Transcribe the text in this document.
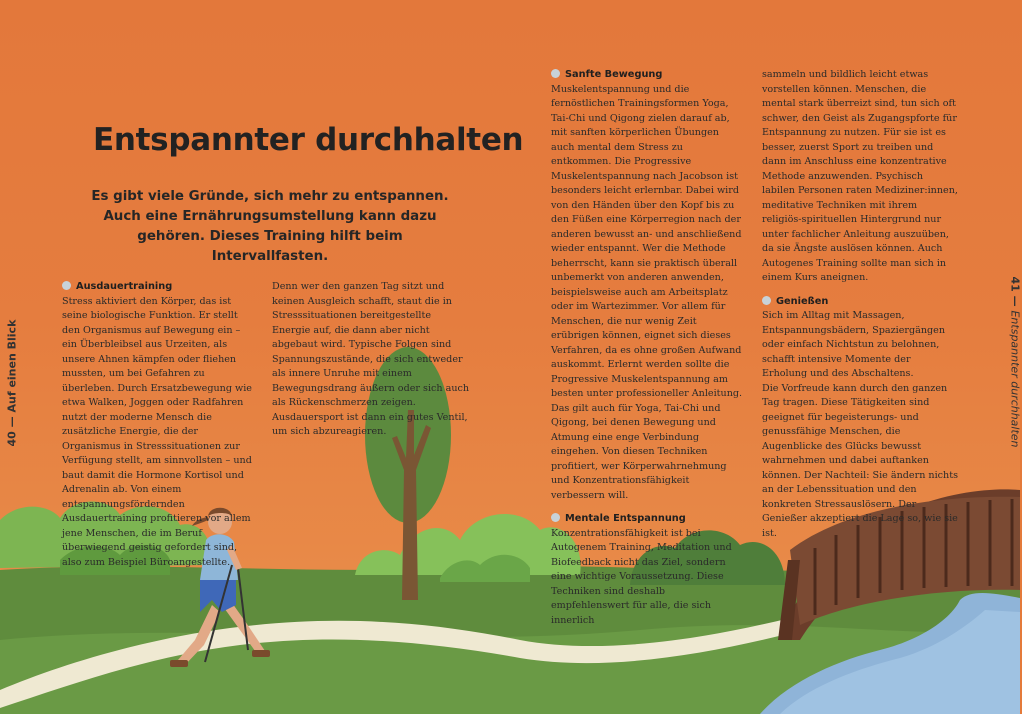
Entspannter durchhalten

Es gibt viele Gründe, sich mehr zu entspannen. Auch eine Ernährungsumstellung kann dazu gehören. Dieses Training hilft beim Intervallfasten.

40 — Auf einen Blick
41 — Entspannter durchhalten
Ausdauertraining

Stress aktiviert den Körper, das ist seine biologische Funktion. Er stellt den Organismus auf Bewegung ein – ein Überbleibsel aus Urzeiten, als unsere Ahnen kämpfen oder fliehen mussten, um bei Gefahren zu überleben. Durch Ersatzbewegung wie etwa Walken, Joggen oder Radfahren nutzt der moderne Mensch die zusätzliche Energie, die der Organismus in Stresssituationen zur Verfügung stellt, am sinnvollsten – und baut damit die Hormone Kortisol und Adrenalin ab. Von einem entspannungsfördernden Ausdauertraining profitieren vor allem jene Menschen, die im Beruf überwiegend geistig gefordert sind, also zum Beispiel Büroangestellte.

Denn wer den ganzen Tag sitzt und keinen Ausgleich schafft, staut die in Stresssituationen bereitgestellte Energie auf, die dann aber nicht abgebaut wird. Typische Folgen sind Spannungszustände, die sich entweder als innere Unruhe mit einem Bewegungsdrang äußern oder sich auch als Rückenschmerzen zeigen. Ausdauersport ist dann ein gutes Ventil, um sich abzureagieren.

Sanfte Bewegung

Muskelentspannung und die fernöstlichen Trainingsformen Yoga, Tai-Chi und Qigong zielen darauf ab, mit sanften körperlichen Übungen auch mental dem Stress zu entkommen. Die Progressive Muskelentspannung nach Jacobson ist besonders leicht erlernbar. Dabei wird von den Händen über den Kopf bis zu den Füßen eine Körperregion nach der anderen bewusst an- und anschließend wieder entspannt. Wer die Methode beherrscht, kann sie praktisch überall unbemerkt von anderen anwenden, beispielsweise auch am Arbeitsplatz oder im Wartezimmer. Vor allem für Menschen, die nur wenig Zeit erübrigen können, eignet sich dieses Verfahren, da es ohne großen Aufwand auskommt. Erlernt werden sollte die Progressive Muskelentspannung am besten unter professioneller Anleitung. Das gilt auch für Yoga, Tai-Chi und Qigong, bei denen Bewegung und Atmung eine enge Verbindung eingehen. Von diesen Techniken profitiert, wer Körperwahrnehmung und Konzentrationsfähigkeit verbessern will.

Mentale Entspannung

Konzentrationsfähigkeit ist bei Autogenem Training, Meditation und Biofeedback nicht das Ziel, sondern eine wichtige Voraussetzung. Diese Techniken sind deshalb empfehlenswert für alle, die sich innerlich

sammeln und bildlich leicht etwas vorstellen können. Menschen, die mental stark überreizt sind, tun sich oft schwer, den Geist als Zugangspforte für Entspannung zu nutzen. Für sie ist es besser, zuerst Sport zu treiben und dann im Anschluss eine konzentrative Methode anzuwenden. Psychisch labilen Personen raten Mediziner:innen, meditative Techniken mit ihrem religiös-spirituellen Hintergrund nur unter fachlicher Anleitung auszuüben, da sie Ängste auslösen können. Auch Autogenes Training sollte man sich in einem Kurs aneignen.

Genießen

Sich im Alltag mit Massagen, Entspannungsbädern, Spaziergängen oder einfach Nichtstun zu belohnen, schafft intensive Momente der Erholung und des Abschaltens.

Die Vorfreude kann durch den ganzen Tag tragen. Diese Tätigkeiten sind geeignet für begeisterungs- und genussfähige Menschen, die Augenblicke des Glücks bewusst wahrnehmen und dabei auftanken können. Der Nachteil: Sie ändern nichts an der Lebenssituation und den konkreten Stressauslösern. Der Genießer akzeptiert die Lage so, wie sie ist.
